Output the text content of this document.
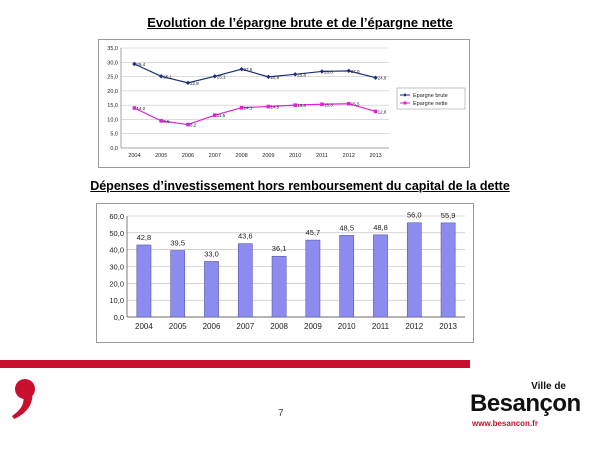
Evolution de l’épargne brute et de l’épargne nette
0,0
5,0
10,0
15,0
20,0
25,0
30,0
35,0
2004	2005	2006	2007	2008	2009	2010	2011	2012	2013
29,4
25,1
22,8
25,1
27,6
24,9
25,8
26,8	27,0
24,6
14,0
9,5
8,2
11,5
14,1	14,5	15,0	15,3	15,5
12,8
Epargne brute
Epargne nette
Dépenses d’investissement hors remboursement du capital de la dette
0,0
10,0
20,0
30,0
40,0
50,0
60,0
42,8
2004
39,5
2005
33,0
2006
43,6
2007
36,1
2008
45,7
2009
48,5
2010
48,8
2011
56,0
2012
55,9
2013
7
Ville de
Besançon
www.besancon.fr
